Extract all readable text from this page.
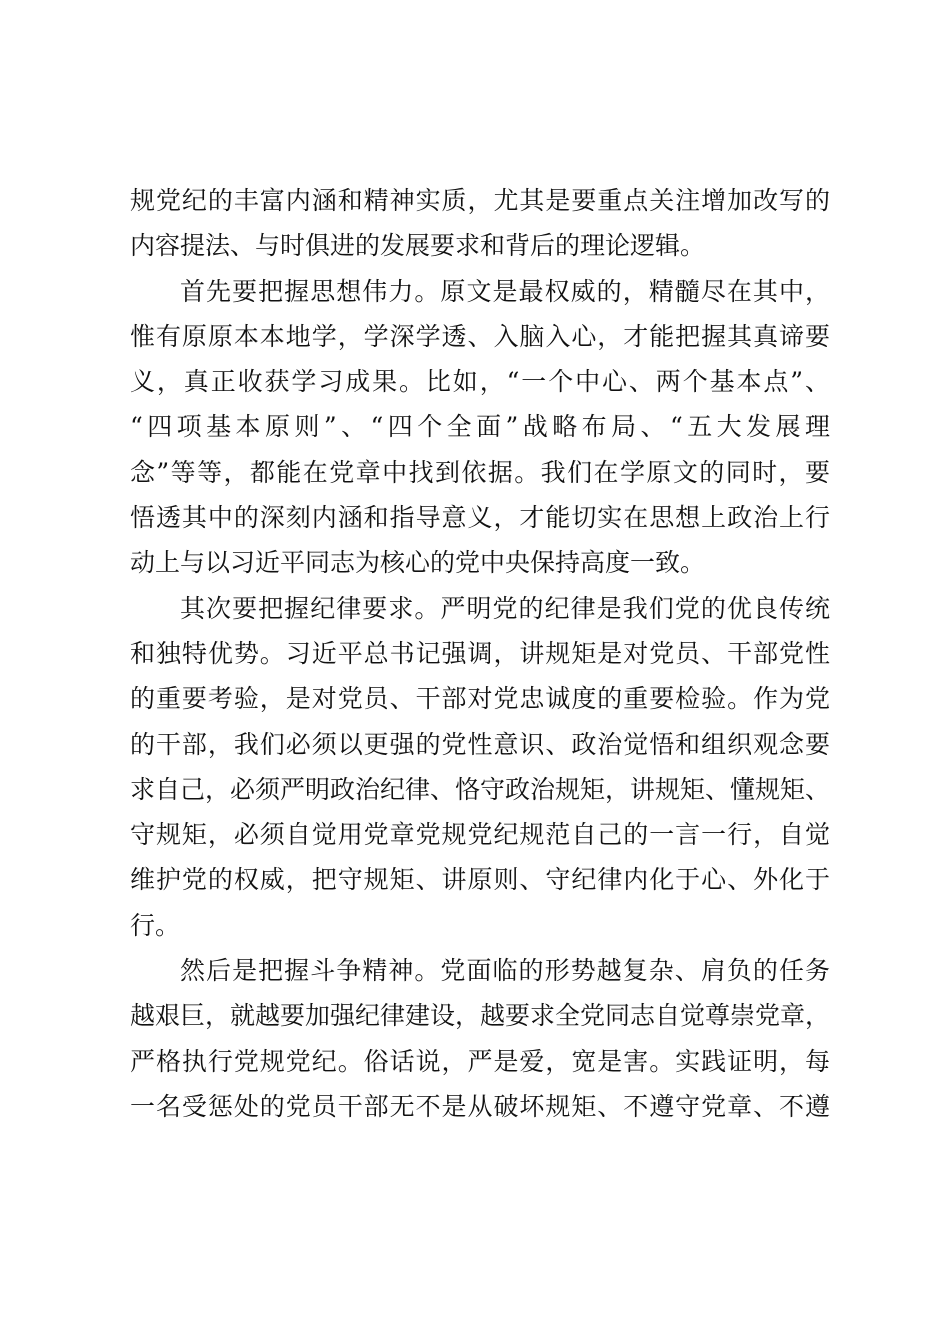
规党纪的丰富内涵和精神实质，尤其是要重点关注增加改写的
内容提法、与时俱进的发展要求和背后的理论逻辑。
首先要把握思想伟力。原文是最权威的，精髓尽在其中，
惟有原原本本地学，学深学透、入脑入心，才能把握其真谛要
义，真正收获学习成果。比如，“一个中心、两个基本点”、
“四项基本原则”、“四个全面”战略布局、“五大发展理
念”等等，都能在党章中找到依据。我们在学原文的同时，要
悟透其中的深刻内涵和指导意义，才能切实在思想上政治上行
动上与以习近平同志为核心的党中央保持高度一致。
其次要把握纪律要求。严明党的纪律是我们党的优良传统
和独特优势。习近平总书记强调，讲规矩是对党员、干部党性
的重要考验，是对党员、干部对党忠诚度的重要检验。作为党
的干部，我们必须以更强的党性意识、政治觉悟和组织观念要
求自己，必须严明政治纪律、恪守政治规矩，讲规矩、懂规矩、
守规矩，必须自觉用党章党规党纪规范自己的一言一行，自觉
维护党的权威，把守规矩、讲原则、守纪律内化于心、外化于
行。
然后是把握斗争精神。党面临的形势越复杂、肩负的任务
越艰巨，就越要加强纪律建设，越要求全党同志自觉尊崇党章，
严格执行党规党纪。俗话说，严是爱，宽是害。实践证明，每
一名受惩处的党员干部无不是从破坏规矩、不遵守党章、不遵
